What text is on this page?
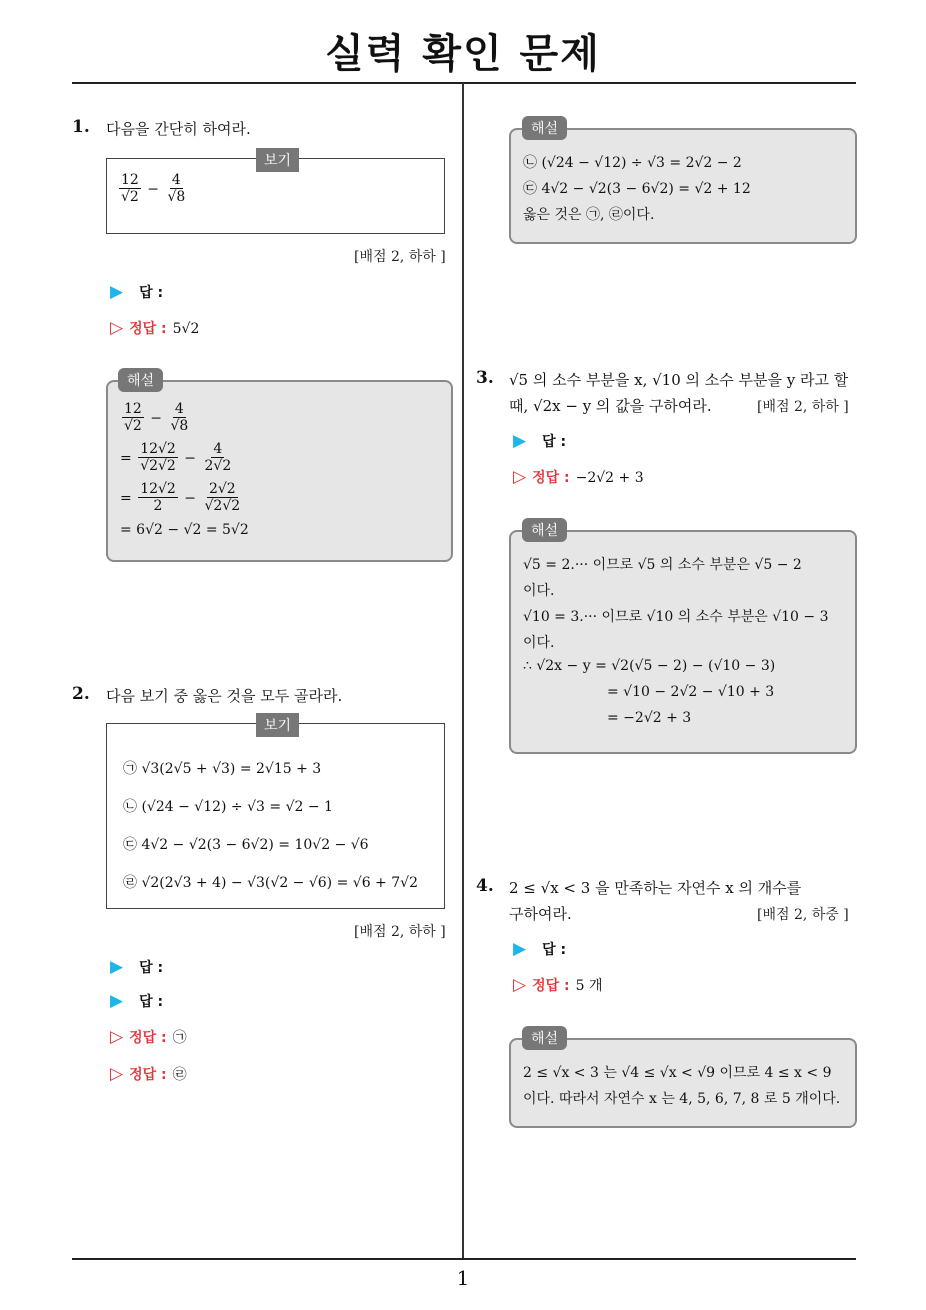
실력 확인 문제
1. 다음을 간단히 하여라.
$\frac{12}{√2} - \frac{4}{√8}$
보기
[배점 2, 하하 ]
▶ 답 :
▷ 정답 : 5√2
$\frac{12}{√2} - \frac{4}{√8}$
= $\frac{12√2}{√2√2} - \frac{4}{2√2}$
= $\frac{12√2}{2} - \frac{2√2}{√2√2}$
= 6√2 − √2 = 5√2
해설
2. 다음 보기 중 옳은 것을 모두 골라라.
㉠ √3(2√5 + √3) = 2√15 + 3
㉡ (√24 − √12) ÷ √3 = √2 − 1
㉢ 4√2 − √2(3 − 6√2) = 10√2 − √6
㉣ √2(2√3 + 4) − √3(√2 − √6) = √6 + 7√2
보기
[배점 2, 하하 ]
▶ 답 :
▶ 답 :
▷ 정답 : ㉠
▷ 정답 : ㉣
㉡ (√24 − √12) ÷ √3 = 2√2 − 2
㉢ 4√2 − √2(3 − 6√2) = √2 + 12
옳은 것은 ㉠, ㉣이다.
해설
3. √5 의 소수 부분을 x, √10 의 소수 부분을 y 라고 할
때, √2x − y 의 값을 구하여라.	[배점 2, 하하 ]
▶ 답 :
▷ 정답 : −2√2 + 3
√5 = 2.··· 이므로 √5 의 소수 부분은 √5 − 2
이다.
√10 = 3.··· 이므로 √10 의 소수 부분은 √10 − 3
이다.
∴ √2x − y = √2(√5 − 2) − (√10 − 3)
= √10 − 2√2 − √10 + 3
= −2√2 + 3
해설
4. 2 ≤ √x < 3 을 만족하는 자연수 x 의 개수를
구하여라.	[배점 2, 하중 ]
▶ 답 :
▷ 정답 : 5 개
2 ≤ √x < 3 는 √4 ≤ √x < √9 이므로 4 ≤ x < 9
이다. 따라서 자연수 x 는 4, 5, 6, 7, 8 로 5 개이다.
해설
1
